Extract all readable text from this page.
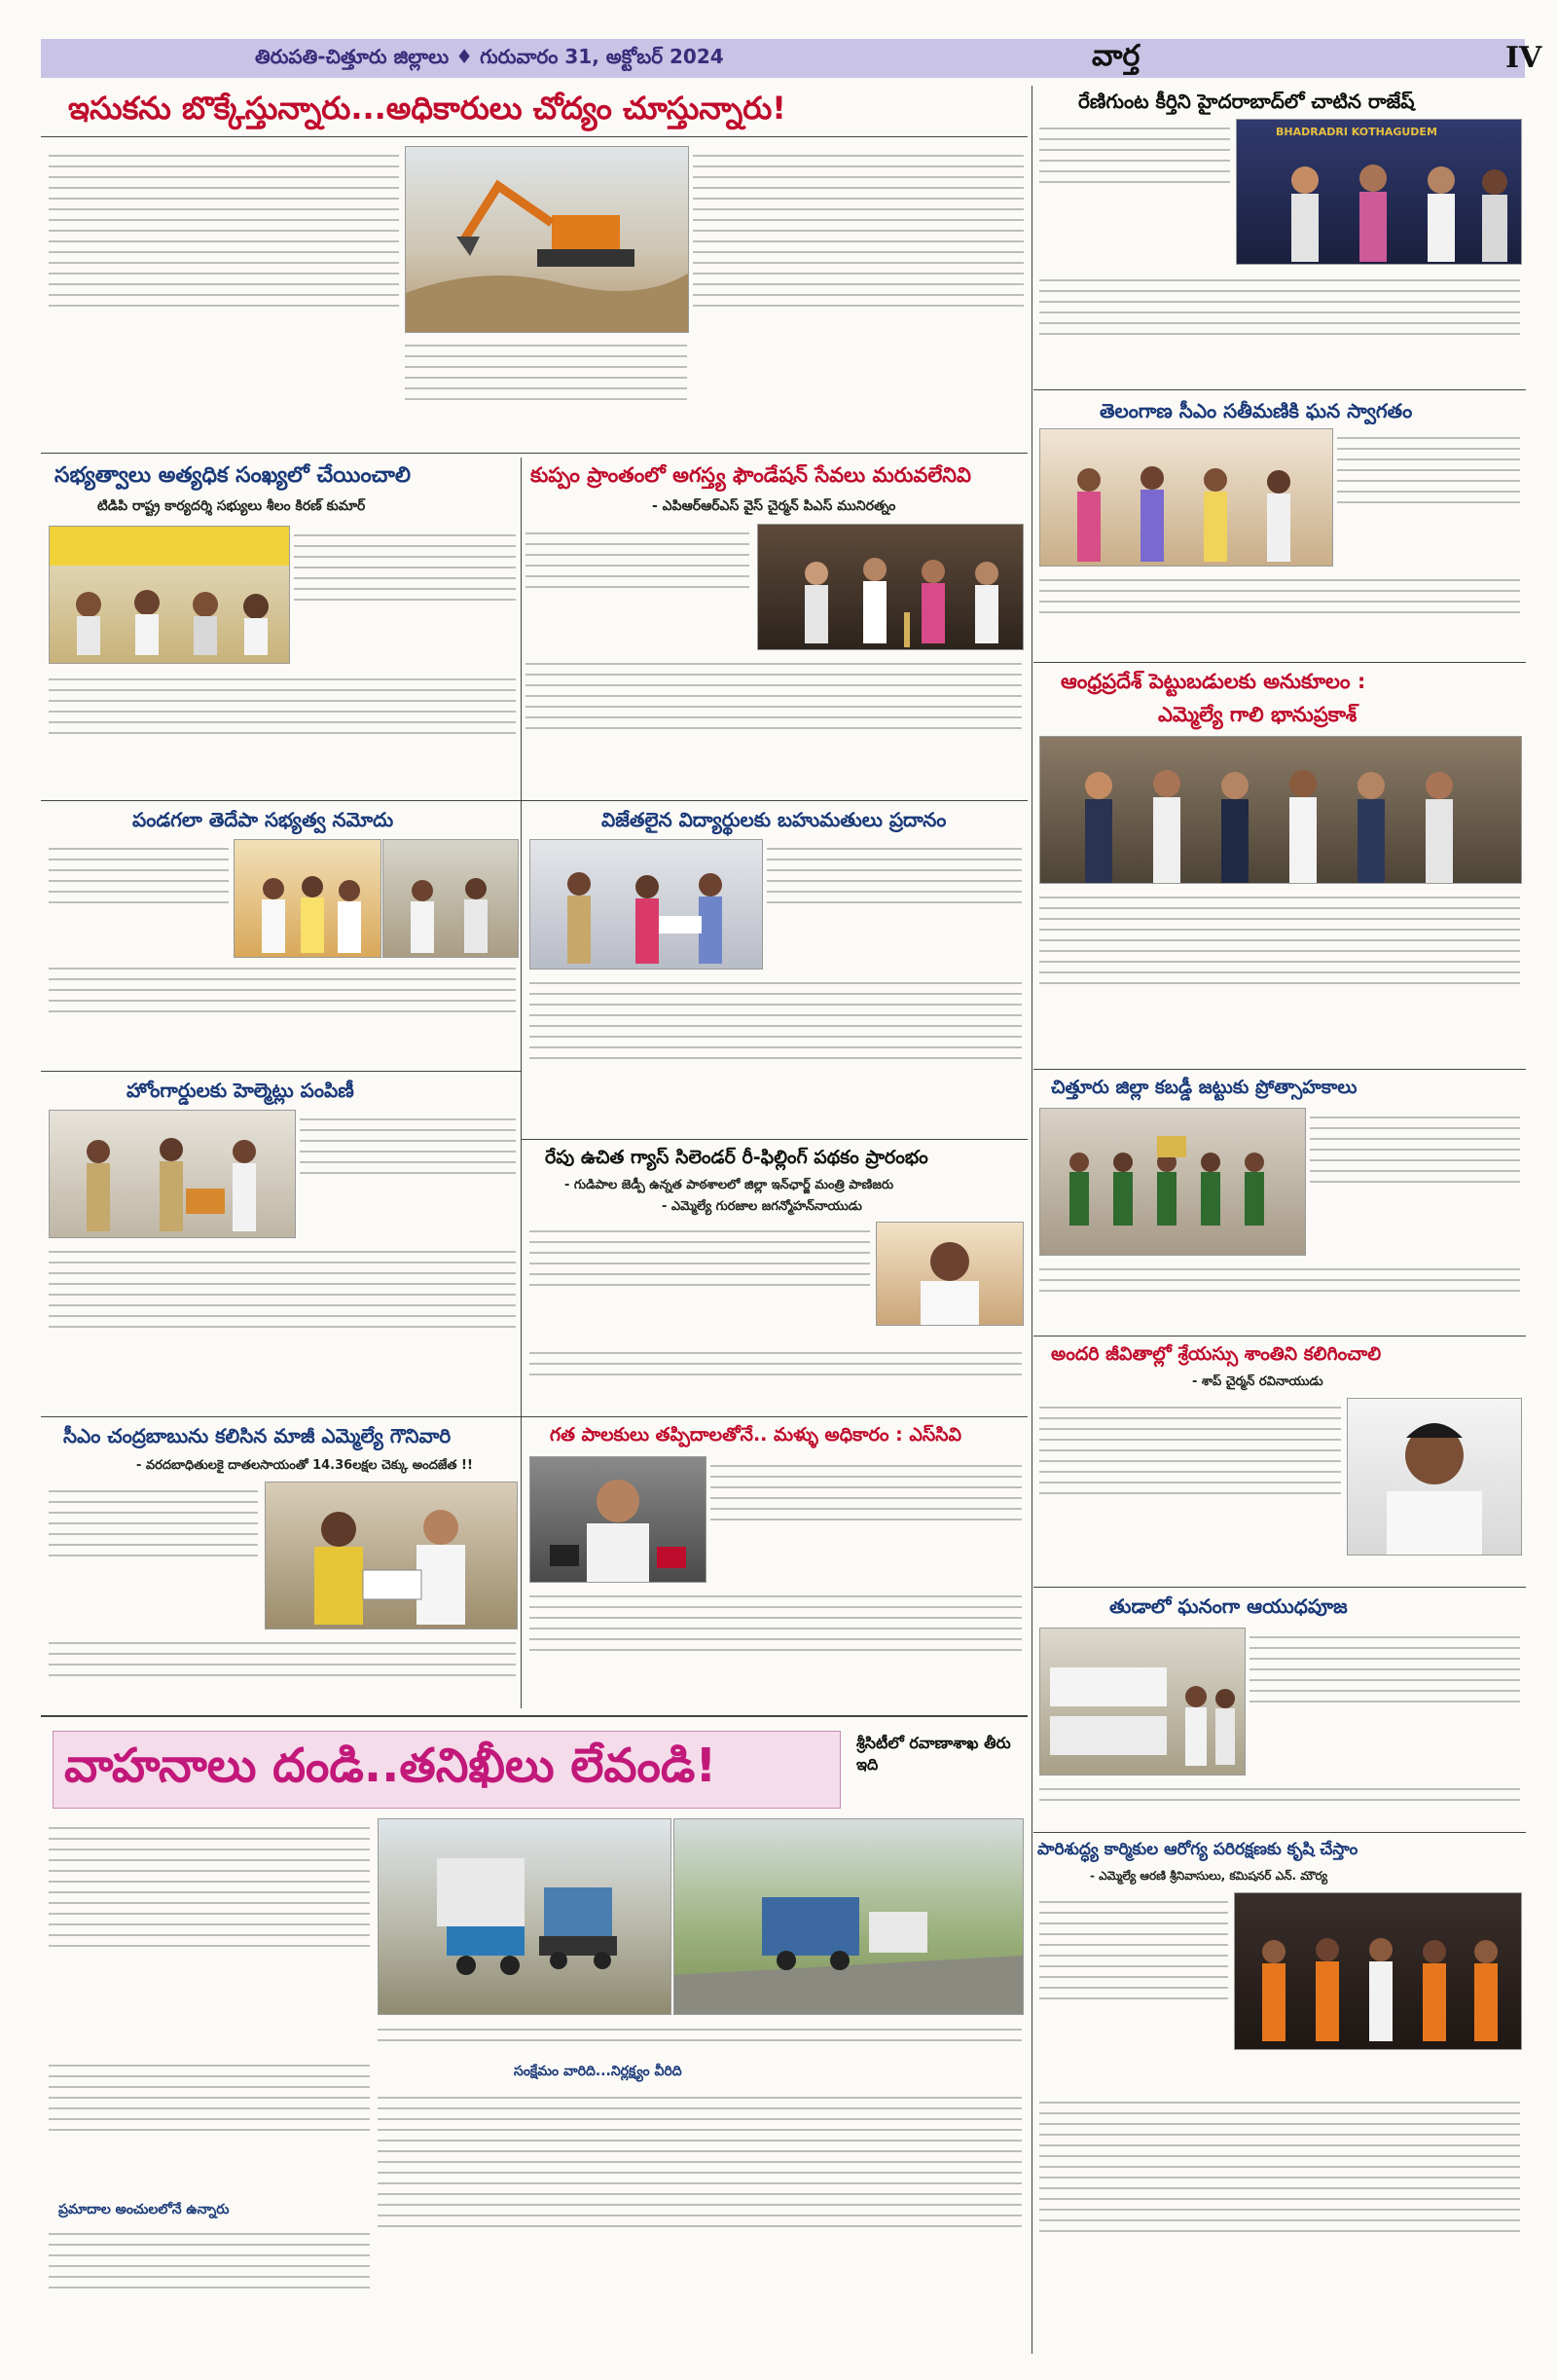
తిరుపతి-చిత్తూరు జిల్లాలు ♦ గురువారం 31, అక్టోబర్ 2024	వార్త	IV
ఇసుకను బొక్కేస్తున్నారు...అధికారులు చోద్యం చూస్తున్నారు!
సభ్యత్వాలు అత్యధిక సంఖ్యలో చేయించాలి
టిడిపి రాష్ట్ర కార్యదర్శి సభ్యులు శీలం కిరణ్ కుమార్
కుప్పం ప్రాంతంలో అగస్త్య ఫౌండేషన్ సేవలు మరువలేనివి
- ఎపిఆర్ఆర్ఎస్ వైస్ చైర్మన్ పిఎస్ మునిరత్నం
పండగలా తెదేపా సభ్యత్వ నమోదు	విజేతలైన విద్యార్థులకు బహుమతులు ప్రదానం
హోంగార్డులకు హెల్మెట్లు పంపిణీ
రేపు ఉచిత గ్యాస్ సిలెండర్ రీ-ఫిల్లింగ్ పథకం ప్రారంభం
- గుడిపాల జెడ్పీ ఉన్నత పాఠశాలలో జిల్లా ఇన్‌ఛార్జ్ మంత్రి పాణిజరు
- ఎమ్మెల్యే గురజాల జగన్మోహన్‌నాయుడు
గత పాలకులు తప్పిదాలతోనే.. మళ్ళు అధికారం : ఎస్‌సివి
సీఎం చంద్రబాబును కలిసిన మాజీ ఎమ్మెల్యే గౌనివారి
- వరదబాధితులకై దాతలసాయంతో 14.36లక్షల చెక్కు అందజేత !!
వాహనాలు దండి..తనిఖీలు లేవండి!	శ్రీసిటీలో రవాణాశాఖ తీరు ఇది
సంక్షేమం వారిది...నిర్లక్ష్యం వీరిది
ప్రమాదాల అంచులలోనే ఉన్నారు
రేణిగుంట కీర్తిని హైదరాబాద్‌లో చాటిన రాజేష్
BHADRADRI KOTHAGUDEM
తెలంగాణ సీఎం సతీమణికి ఘన స్వాగతం
ఆంధ్రప్రదేశ్ పెట్టుబడులకు అనుకూలం :
ఎమ్మెల్యే గాలి భానుప్రకాశ్
చిత్తూరు జిల్లా కబడ్డీ జట్టుకు ప్రోత్సాహకాలు
అందరి జీవితాల్లో శ్రేయస్సు శాంతిని కలిగించాలి
- శాప్ చైర్మన్ రవినాయుడు
తుడాలో ఘనంగా ఆయుధపూజ
పారిశుద్ధ్య కార్మికుల ఆరోగ్య పరిరక్షణకు కృషి చేస్తాం
- ఎమ్మెల్యే ఆరణి శ్రీనివాసులు, కమిషనర్ ఎన్. మౌర్య
